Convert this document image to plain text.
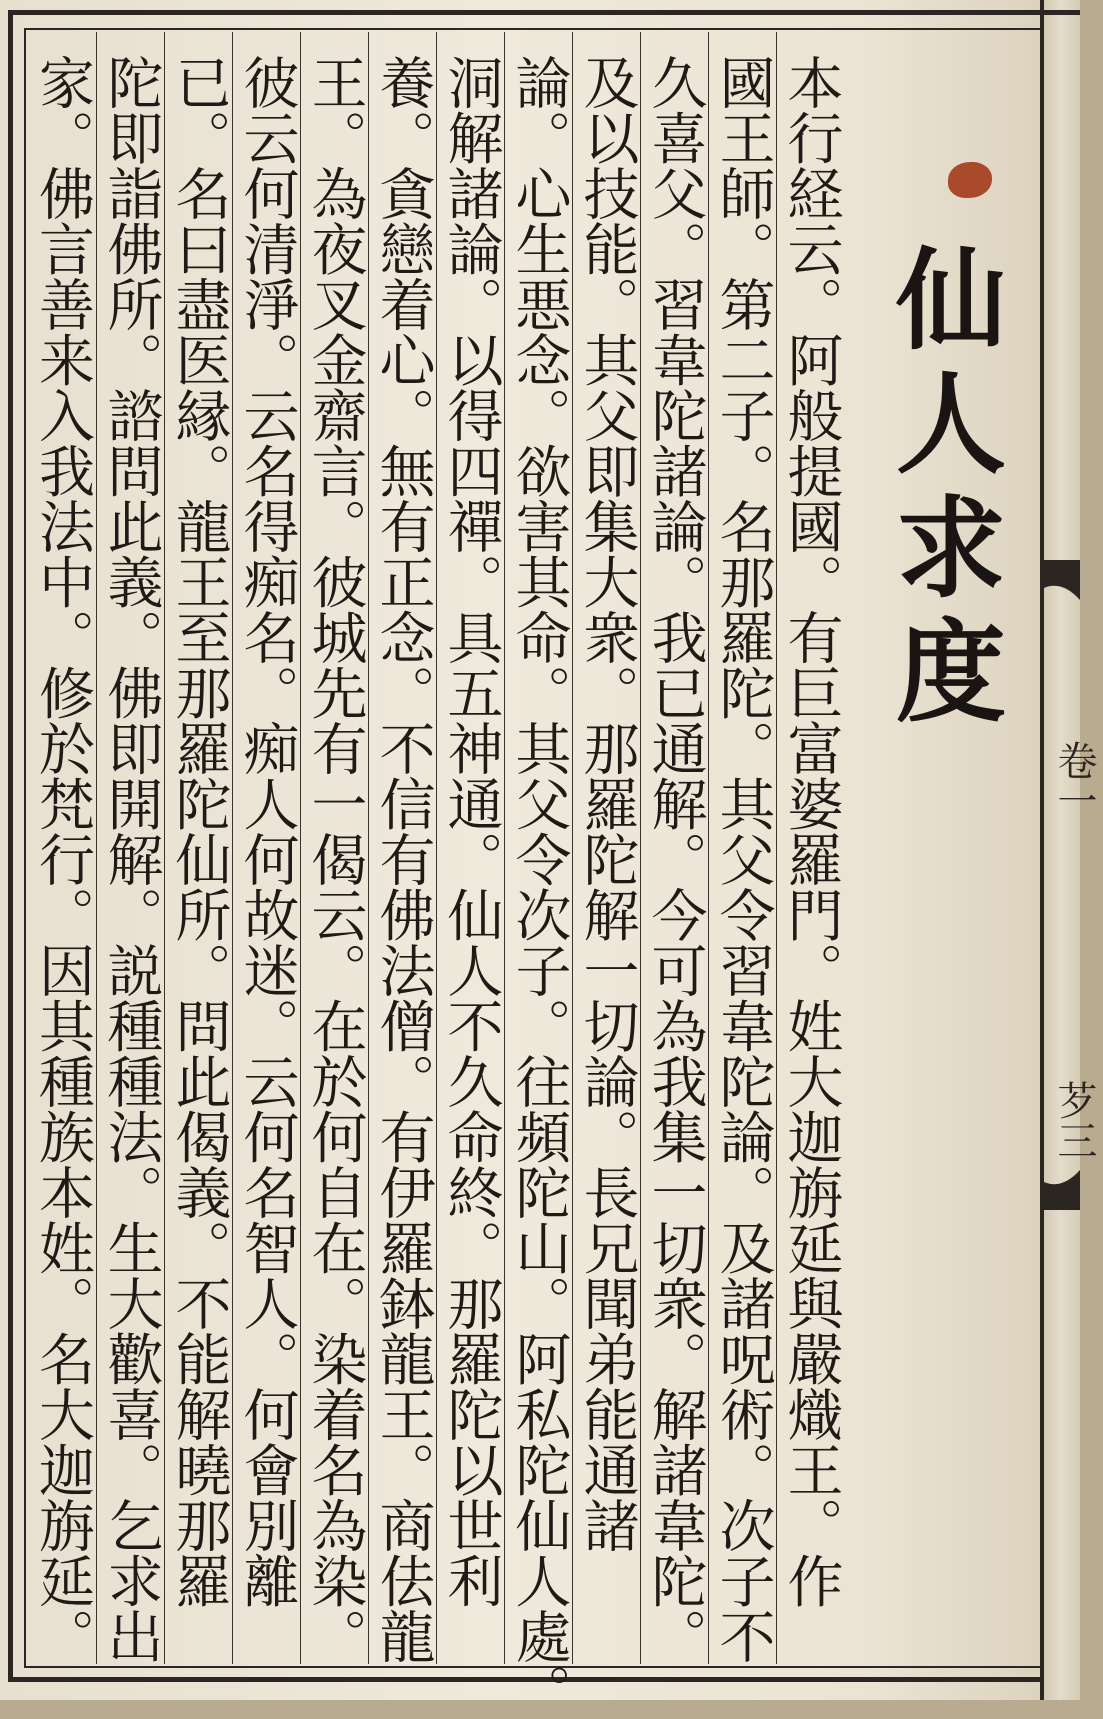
仙人求度
本行経云。阿般提國。有巨富婆羅門。姓大迦旃延與嚴熾王。作
國王師。第二子。名那羅陀。其父令習韋陀論。及諸呪術。次子不
久喜父。習韋陀諸論。我已通解。今可為我集一切衆。解諸韋陀。
及以技能。其父即集大衆。那羅陀解一切論。長兄聞弟能通諸
論。心生悪念。欲害其命。其父令次子。往頻陀山。阿私陀仙人處。
洞解諸論。以得四禪。具五神通。仙人不久命終。那羅陀以世利
養。貪戀着心。無有正念。不信有佛法僧。有伊羅鉢龍王。商佉龍
王。為夜叉金齋言。彼城先有一偈云。在於何自在。染着名為染。
彼云何清淨。云名得痴名。痴人何故迷。云何名智人。何會別離
已。名曰盡医縁。龍王至那羅陀仙所。問此偈義。不能解曉那羅
陀即詣佛所。諮問此義。佛即開解。説種種法。生大歡喜。乞求出
家。佛言善来入我法中。修於梵行。因其種族本姓。名大迦旃延。	卷一
芕三
